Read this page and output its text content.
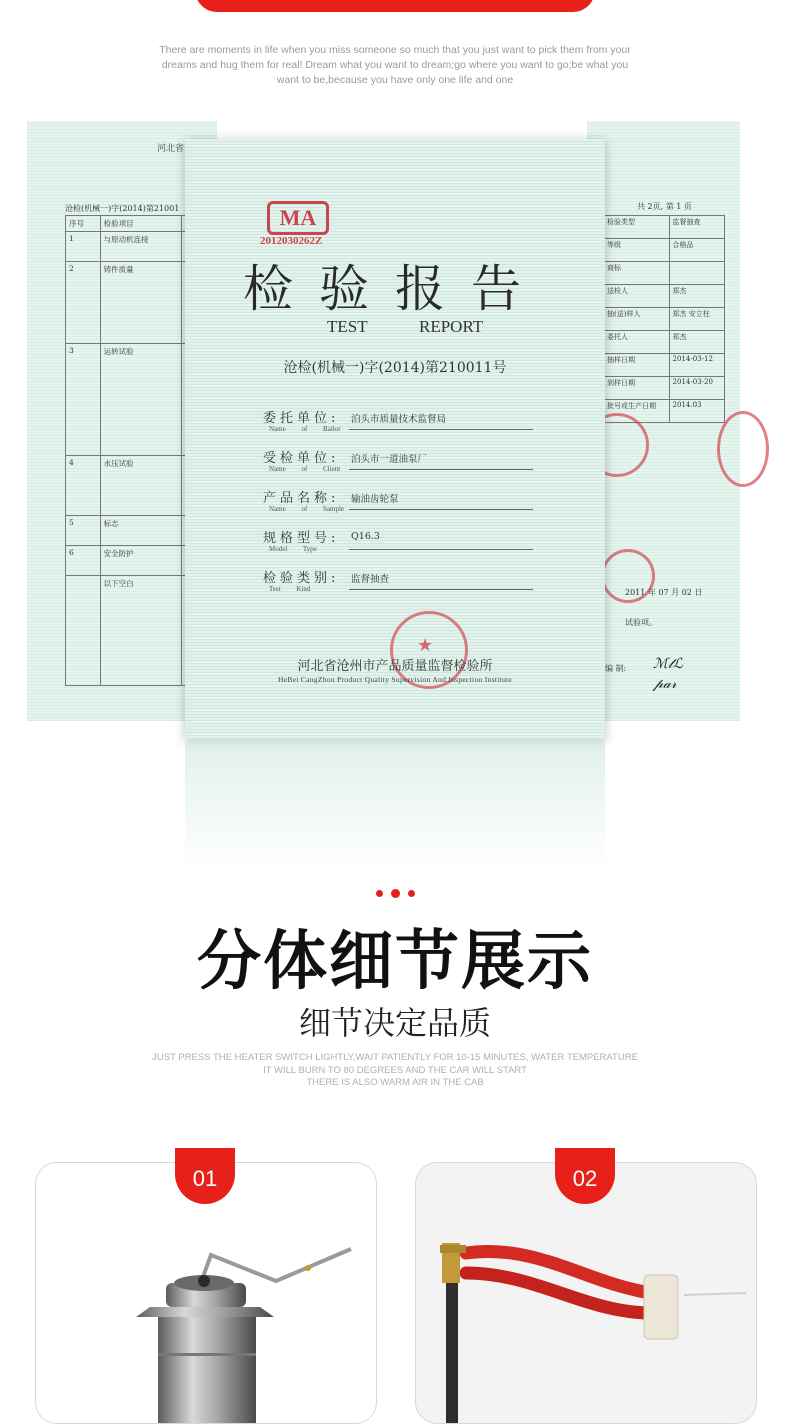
There are moments in life when you miss someone so much that you just want to pick them from your
dreams and hug them for real! Dream what you want to dream;go where you want to go;be what you
want to be,because you have only one life and one
河北省
沧检(机械一)字(2014)第21001
序号	检验项目	
1	与原动机连接	
2	铸件质量	
3	运转试验	
4	水压试验	
5	标志	
6	安全防护	
	以下空白	
共 2页, 第 1 页
检验类型	监督抽查
等级	合格品
商标	
送检人	郑杰
抽(送)样人	郑杰 安立柱
委托人	郑杰
抽样日期	2014-03-12
到样日期	2014-03-20
批号或生产日期	2014.03
2011 年 07 月 02 日
试验项。
编 制: ℳ𝓉ℒ
𝓅𝒶𝓇
MA
2012030262Z
检验报告
TEST	REPORT
沧检(机械一)字(2014)第210011号
委托单位:
Name of Bailor
泊头市质量技术监督局
受检单位:
Name of Client
泊头市一道油泵厂
产品名称:
Name of Sample
输油齿轮泵
规格型号:
Model Type
Q16.3
检验类别:
Test Kind
监督抽查
★
河北省沧州市产品质量监督检验所
HeBei CangZhou Product Quality Supervision And Inspection Institute
分体细节展示
细节决定品质
JUST PRESS THE HEATER SWITCH LIGHTLY,WAIT PATIENTLY FOR 10-15 MINUTES, WATER TEMPERATURE
IT WILL BURN TO 80 DEGREES AND THE CAR WILL START
THERE IS ALSO WARM AIR IN THE CAB
01	02
